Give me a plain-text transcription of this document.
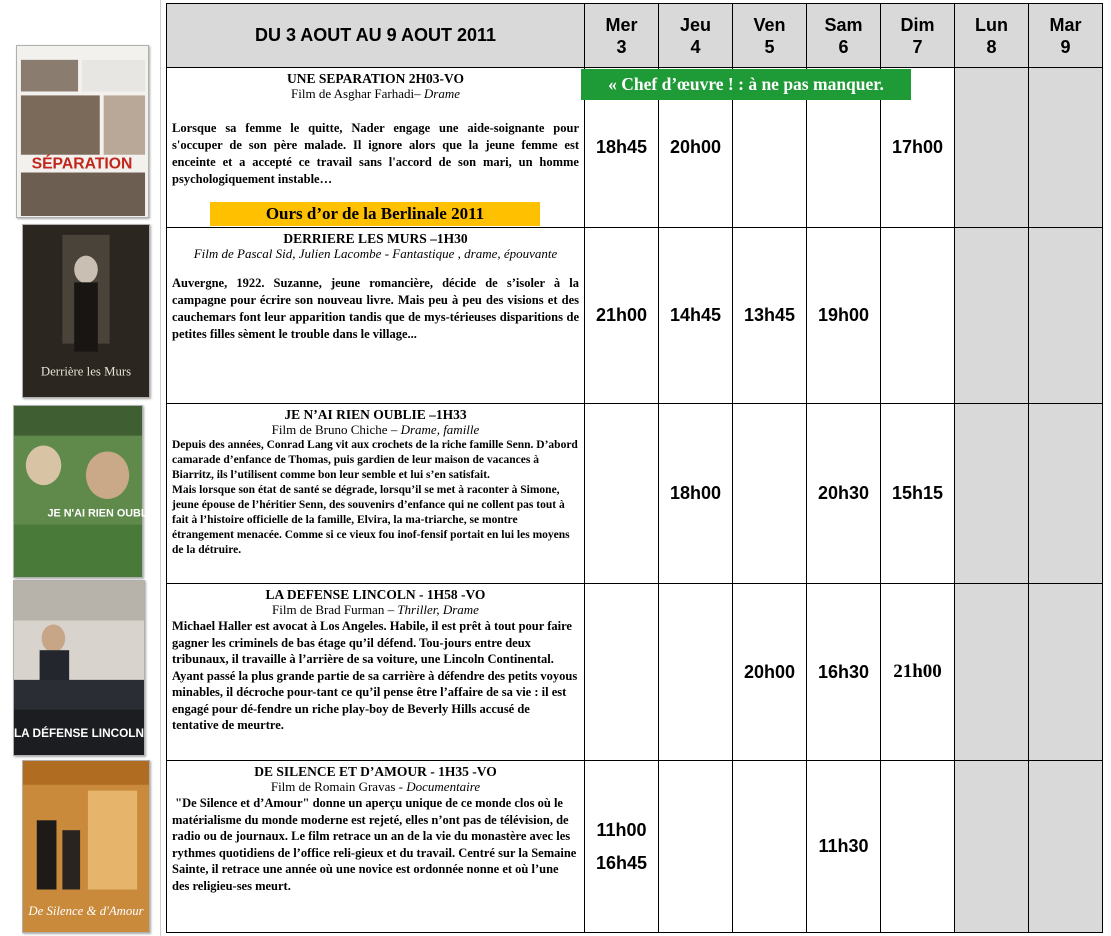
SÉPARATION
Derrière les Murs
JE N'AI RIEN OUBLIÉ
LA DÉFENSE LINCOLN
De Silence & d'Amour
DU 3 AOUT AU 9 AOUT 2011
Mer
3
Jeu
4
Ven
5
Sam
6
Dim
7
Lun
8
Mar
9
UNE SEPARATION 2H03-VO
Film de Asghar Farhadi– Drame

Lorsque sa femme le quitte, Nader engage une aide-soignante pour s'occuper de son père malade. Il ignore alors que la jeune femme est enceinte et a accepté ce travail sans l'accord de son mari, un homme psychologiquement instable…

Ours d’or de la Berlinale 2011
18h45 20h00	17h00
« Chef d’œuvre ! : à ne pas manquer.
DERRIERE LES MURS –1H30
Film de Pascal Sid, Julien Lacombe - Fantastique , drame, épouvante

Auvergne, 1922. Suzanne, jeune romancière, décide de s’isoler à la campagne pour écrire son nouveau livre. Mais peu à peu des visions et des cauchemars font leur apparition tandis que de mys-térieuses disparitions de petites filles sèment le trouble dans le village...

21h00 14h45 13h45 19h00
JE N’AI RIEN OUBLIE –1H33
Film de Bruno Chiche – Drame, famille

Depuis des années, Conrad Lang vit aux crochets de la riche famille Senn. D’abord camarade d’enfance de Thomas, puis gardien de leur maison de vacances à Biarritz, ils l’utilisent comme bon leur semble et lui s’en satisfait.

Mais lorsque son état de santé se dégrade, lorsqu’il se met à raconter à Simone, jeune épouse de l’héritier Senn, des souvenirs d’enfance qui ne collent pas tout à fait à l’histoire officielle de la famille, Elvira, la ma-triarche, se montre étrangement menacée. Comme si ce vieux fou inof-fensif portait en lui les moyens de la détruire.

18h00	20h30 15h15
LA DEFENSE LINCOLN - 1H58 -VO
Film de Brad Furman – Thriller, Drame

Michael Haller est avocat à Los Angeles. Habile, il est prêt à tout pour faire gagner les criminels de bas étage qu’il défend. Tou-jours entre deux tribunaux, il travaille à l’arrière de sa voiture, une Lincoln Continental. Ayant passé la plus grande partie de sa carrière à défendre des petits voyous minables, il décroche pour-tant ce qu’il pense être l’affaire de sa vie : il est engagé pour dé-fendre un riche play-boy de Beverly Hills accusé de tentative de meurtre.

20h00 16h30 21h00
DE SILENCE ET D’AMOUR - 1H35 -VO
Film de Romain Gravas - Documentaire

"De Silence et d’Amour" donne un aperçu unique de ce monde clos où le matérialisme du monde moderne est rejeté, elles n’ont pas de télévision, de radio ou de journaux. Le film retrace un an de la vie du monastère avec les rythmes quotidiens de l’office reli-gieux et du travail. Centré sur la Semaine Sainte, il retrace une année où une novice est ordonnée nonne et où l’une des religieu-ses meurt.

11h00
16h45
11h30
